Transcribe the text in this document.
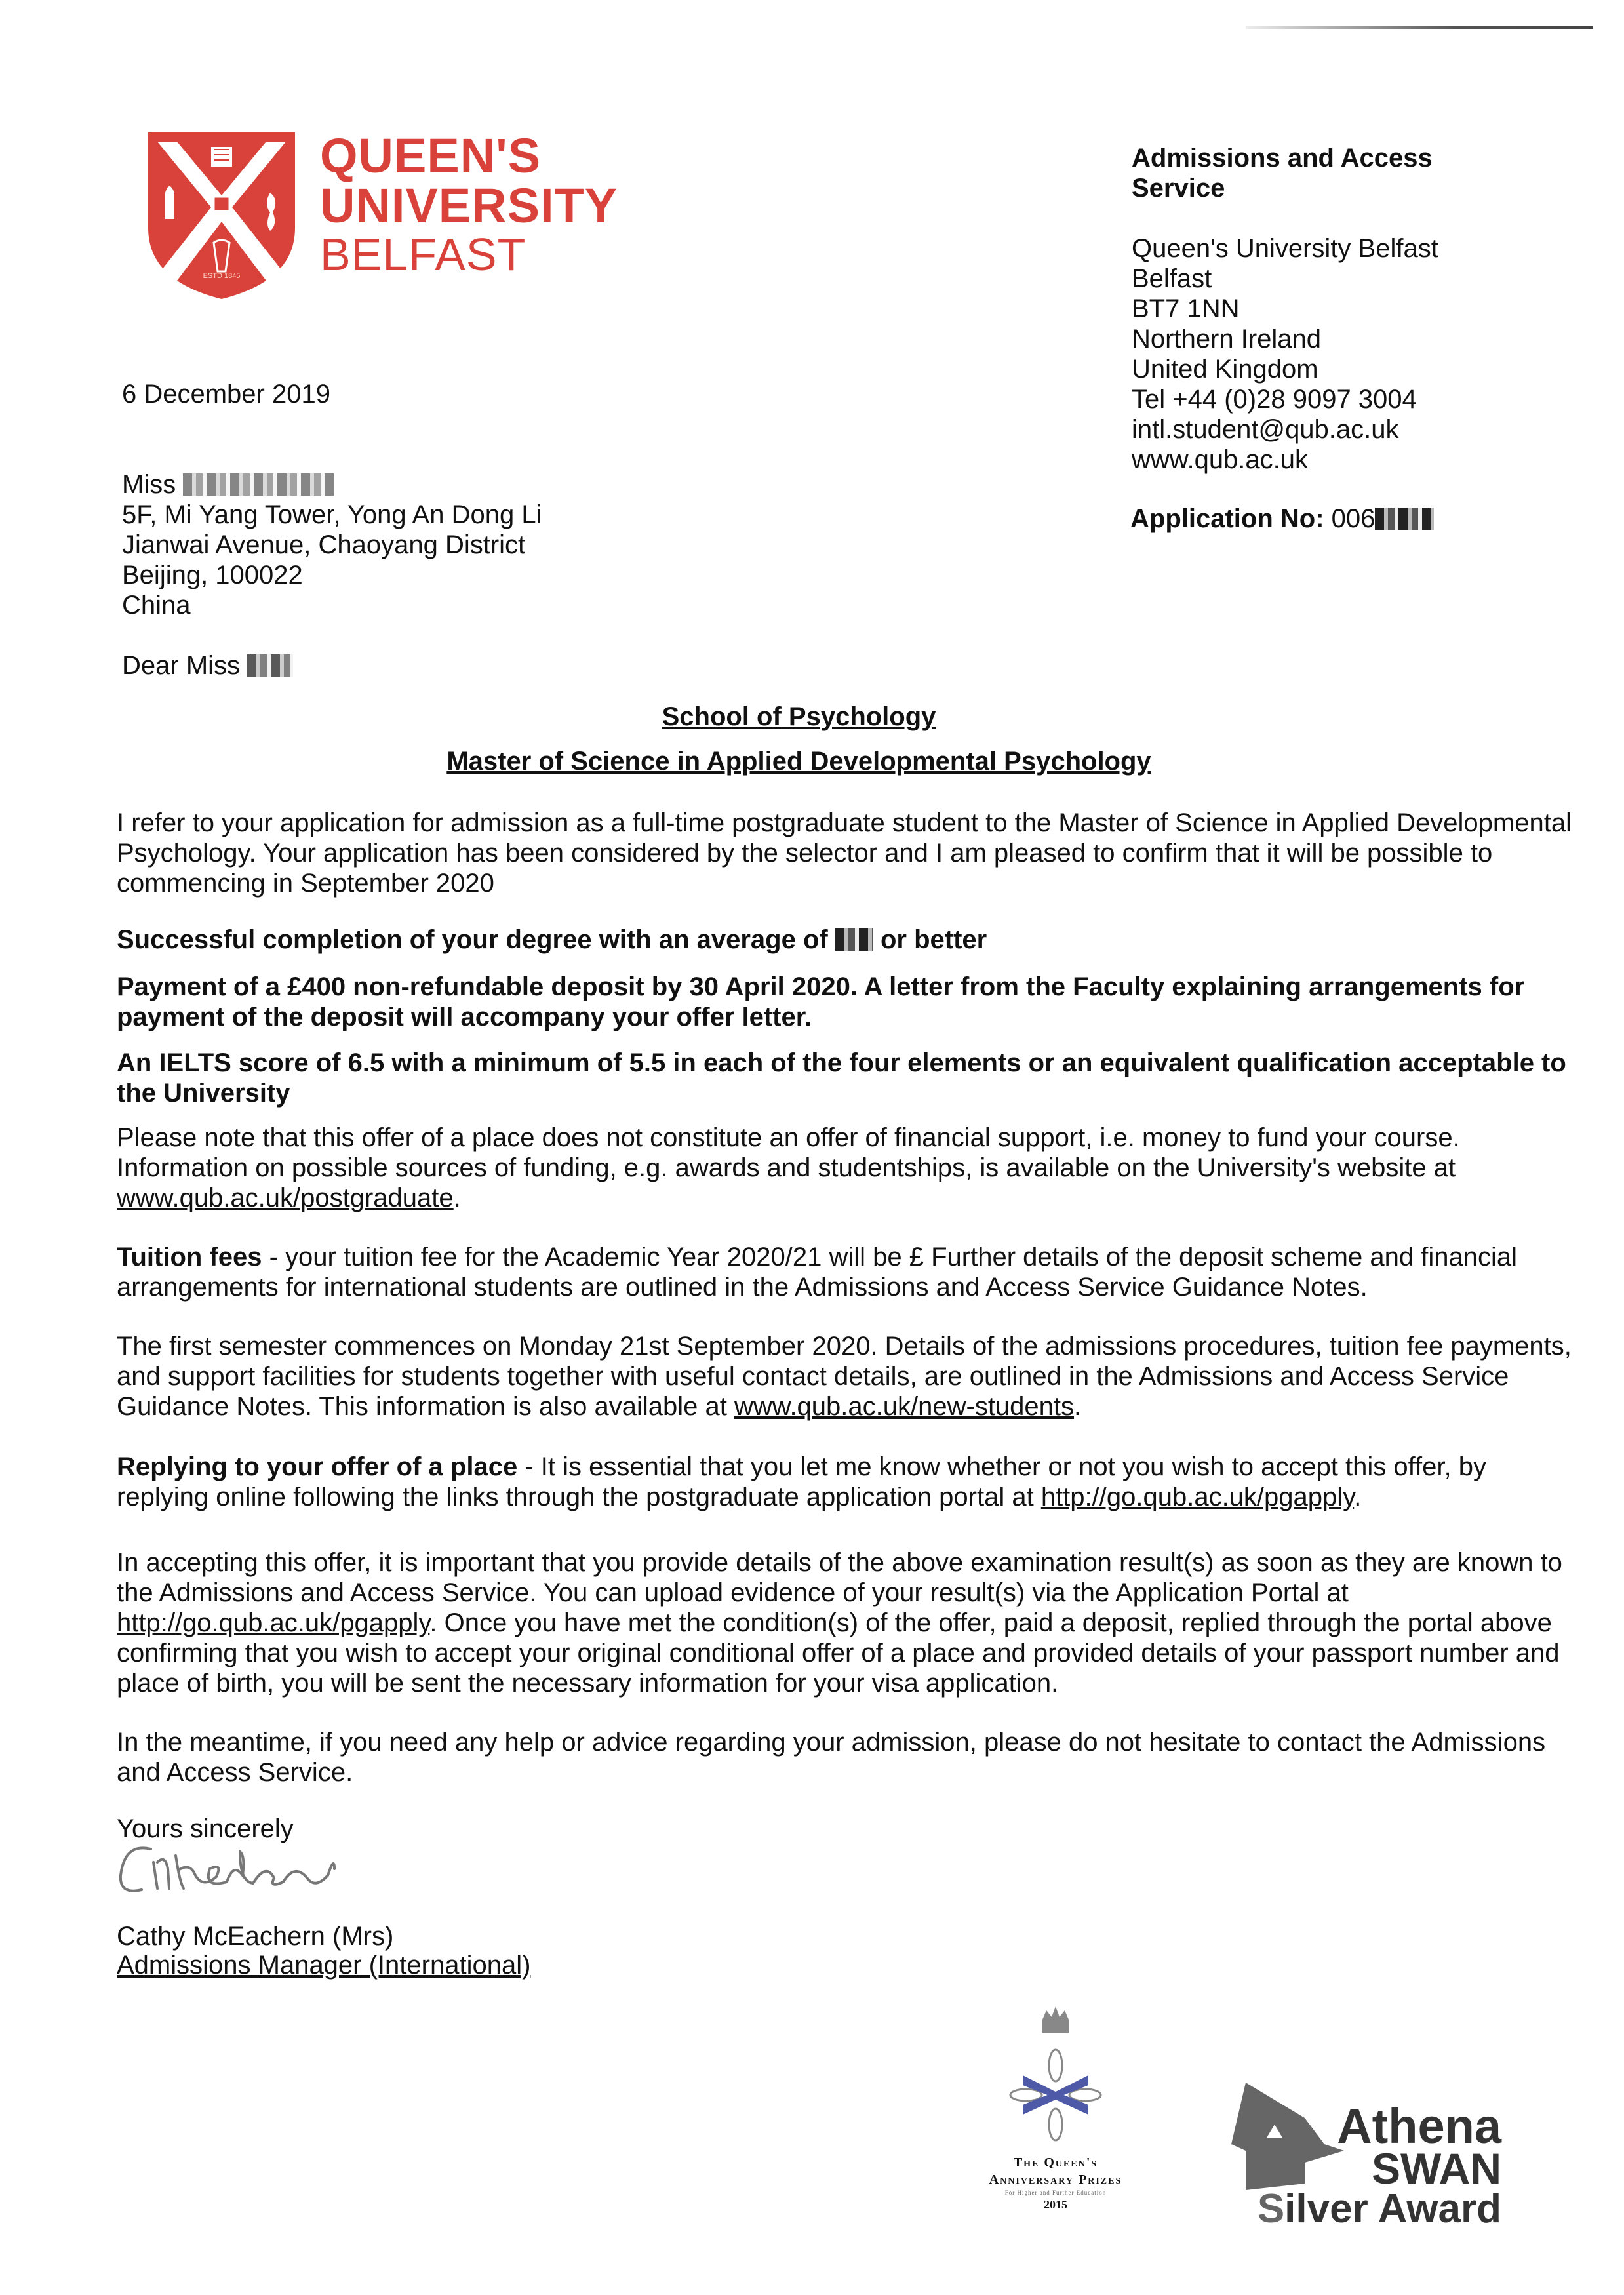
ESTD 1845
QUEEN'S
UNIVERSITY
BELFAST
Admissions and Access Service
Queen's University Belfast
Belfast
BT7 1NN
Northern Ireland
United Kingdom
Tel +44 (0)28 9097 3004
intl.student@qub.ac.uk
www.qub.ac.uk
Application No: 006
6 December 2019
Miss
5F, Mi Yang Tower, Yong An Dong Li
Jianwai Avenue, Chaoyang District
Beijing, 100022
China
Dear Miss
School of Psychology
Master of Science in Applied Developmental Psychology
I refer to your application for admission as a full-time postgraduate student to the Master of Science in Applied Developmental Psychology. Your application has been considered by the selector and I am pleased to confirm that it will be possible to commencing in September 2020
Successful completion of your degree with an average of or better
Payment of a £400 non-refundable deposit by 30 April 2020. A letter from the Faculty explaining arrangements for payment of the deposit will accompany your offer letter.
An IELTS score of 6.5 with a minimum of 5.5 in each of the four elements or an equivalent qualification acceptable to the University
Please note that this offer of a place does not constitute an offer of financial support, i.e. money to fund your course. Information on possible sources of funding, e.g. awards and studentships, is available on the University's website at www.qub.ac.uk/postgraduate.
Tuition fees - your tuition fee for the Academic Year 2020/21 will be £ Further details of the deposit scheme and financial arrangements for international students are outlined in the Admissions and Access Service Guidance Notes.
The first semester commences on Monday 21st September 2020. Details of the admissions procedures, tuition fee payments, and support facilities for students together with useful contact details, are outlined in the Admissions and Access Service Guidance Notes. This information is also available at www.qub.ac.uk/new-students.
Replying to your offer of a place - It is essential that you let me know whether or not you wish to accept this offer, by replying online following the links through the postgraduate application portal at http://go.qub.ac.uk/pgapply.
In accepting this offer, it is important that you provide details of the above examination result(s) as soon as they are known to the Admissions and Access Service. You can upload evidence of your result(s) via the Application Portal at http://go.qub.ac.uk/pgapply. Once you have met the condition(s) of the offer, paid a deposit, replied through the portal above confirming that you wish to accept your original conditional offer of a place and provided details of your passport number and place of birth, you will be sent the necessary information for your visa application.
In the meantime, if you need any help or advice regarding your admission, please do not hesitate to contact the Admissions and Access Service.
Yours sincerely
Cathy McEachern (Mrs)
Admissions Manager (International)
The Queen's
Anniversary Prizes
For Higher and Further Education
2015
Athena
SWAN
Silver Award
